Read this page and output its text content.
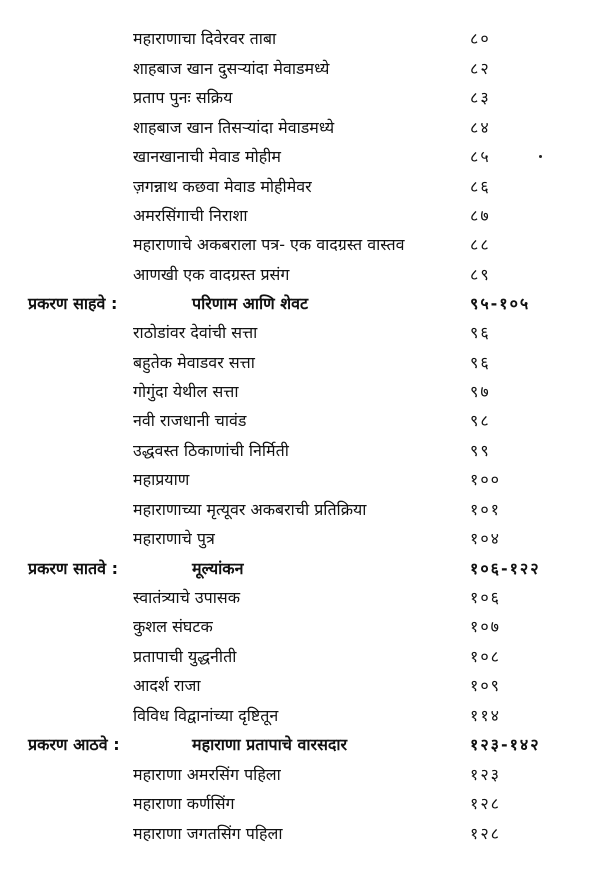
महाराणाचा दिवेरवर ताबा	८०
शाहबाज खान दुसऱ्यांदा मेवाडमध्ये	८२
प्रताप पुनः सक्रिय	८३
शाहबाज खान तिसऱ्यांदा मेवाडमध्ये	८४
खानखानाची मेवाड मोहीम	८५
ज़गन्नाथ कछवा मेवाड मोहीमेवर	८६
अमरसिंगाची निराशा	८७
महाराणाचे अकबराला पत्र- एक वादग्रस्त वास्तव	८८
आणखी एक वादग्रस्त प्रसंग	८९
प्रकरण साहवे :	परिणाम आणि शेवट	९५-१०५
राठोडांवर देवांची सत्ता	९६
बहुतेक मेवाडवर सत्ता	९६
गोगुंदा येथील सत्ता	९७
नवी राजधानी चावंड	९८
उद्धवस्त ठिकाणांची निर्मिती	९९
महाप्रयाण	१००
महाराणाच्या मृत्यूवर अकबराची प्रतिक्रिया	१०१
महाराणाचे पुत्र	१०४
प्रकरण सातवे :	मूल्यांकन	१०६-१२२
स्वातंत्र्याचे उपासक	१०६
कुशल संघटक	१०७
प्रतापाची युद्धनीती	१०८
आदर्श राजा	१०९
विविध विद्वानांच्या दृष्टितून	११४
प्रकरण आठवे :	महाराणा प्रतापाचे वारसदार	१२३-१४२
महाराणा अमरसिंग पहिला	१२३
महाराणा कर्णसिंग	१२८
महाराणा जगतसिंग पहिला	१२८
